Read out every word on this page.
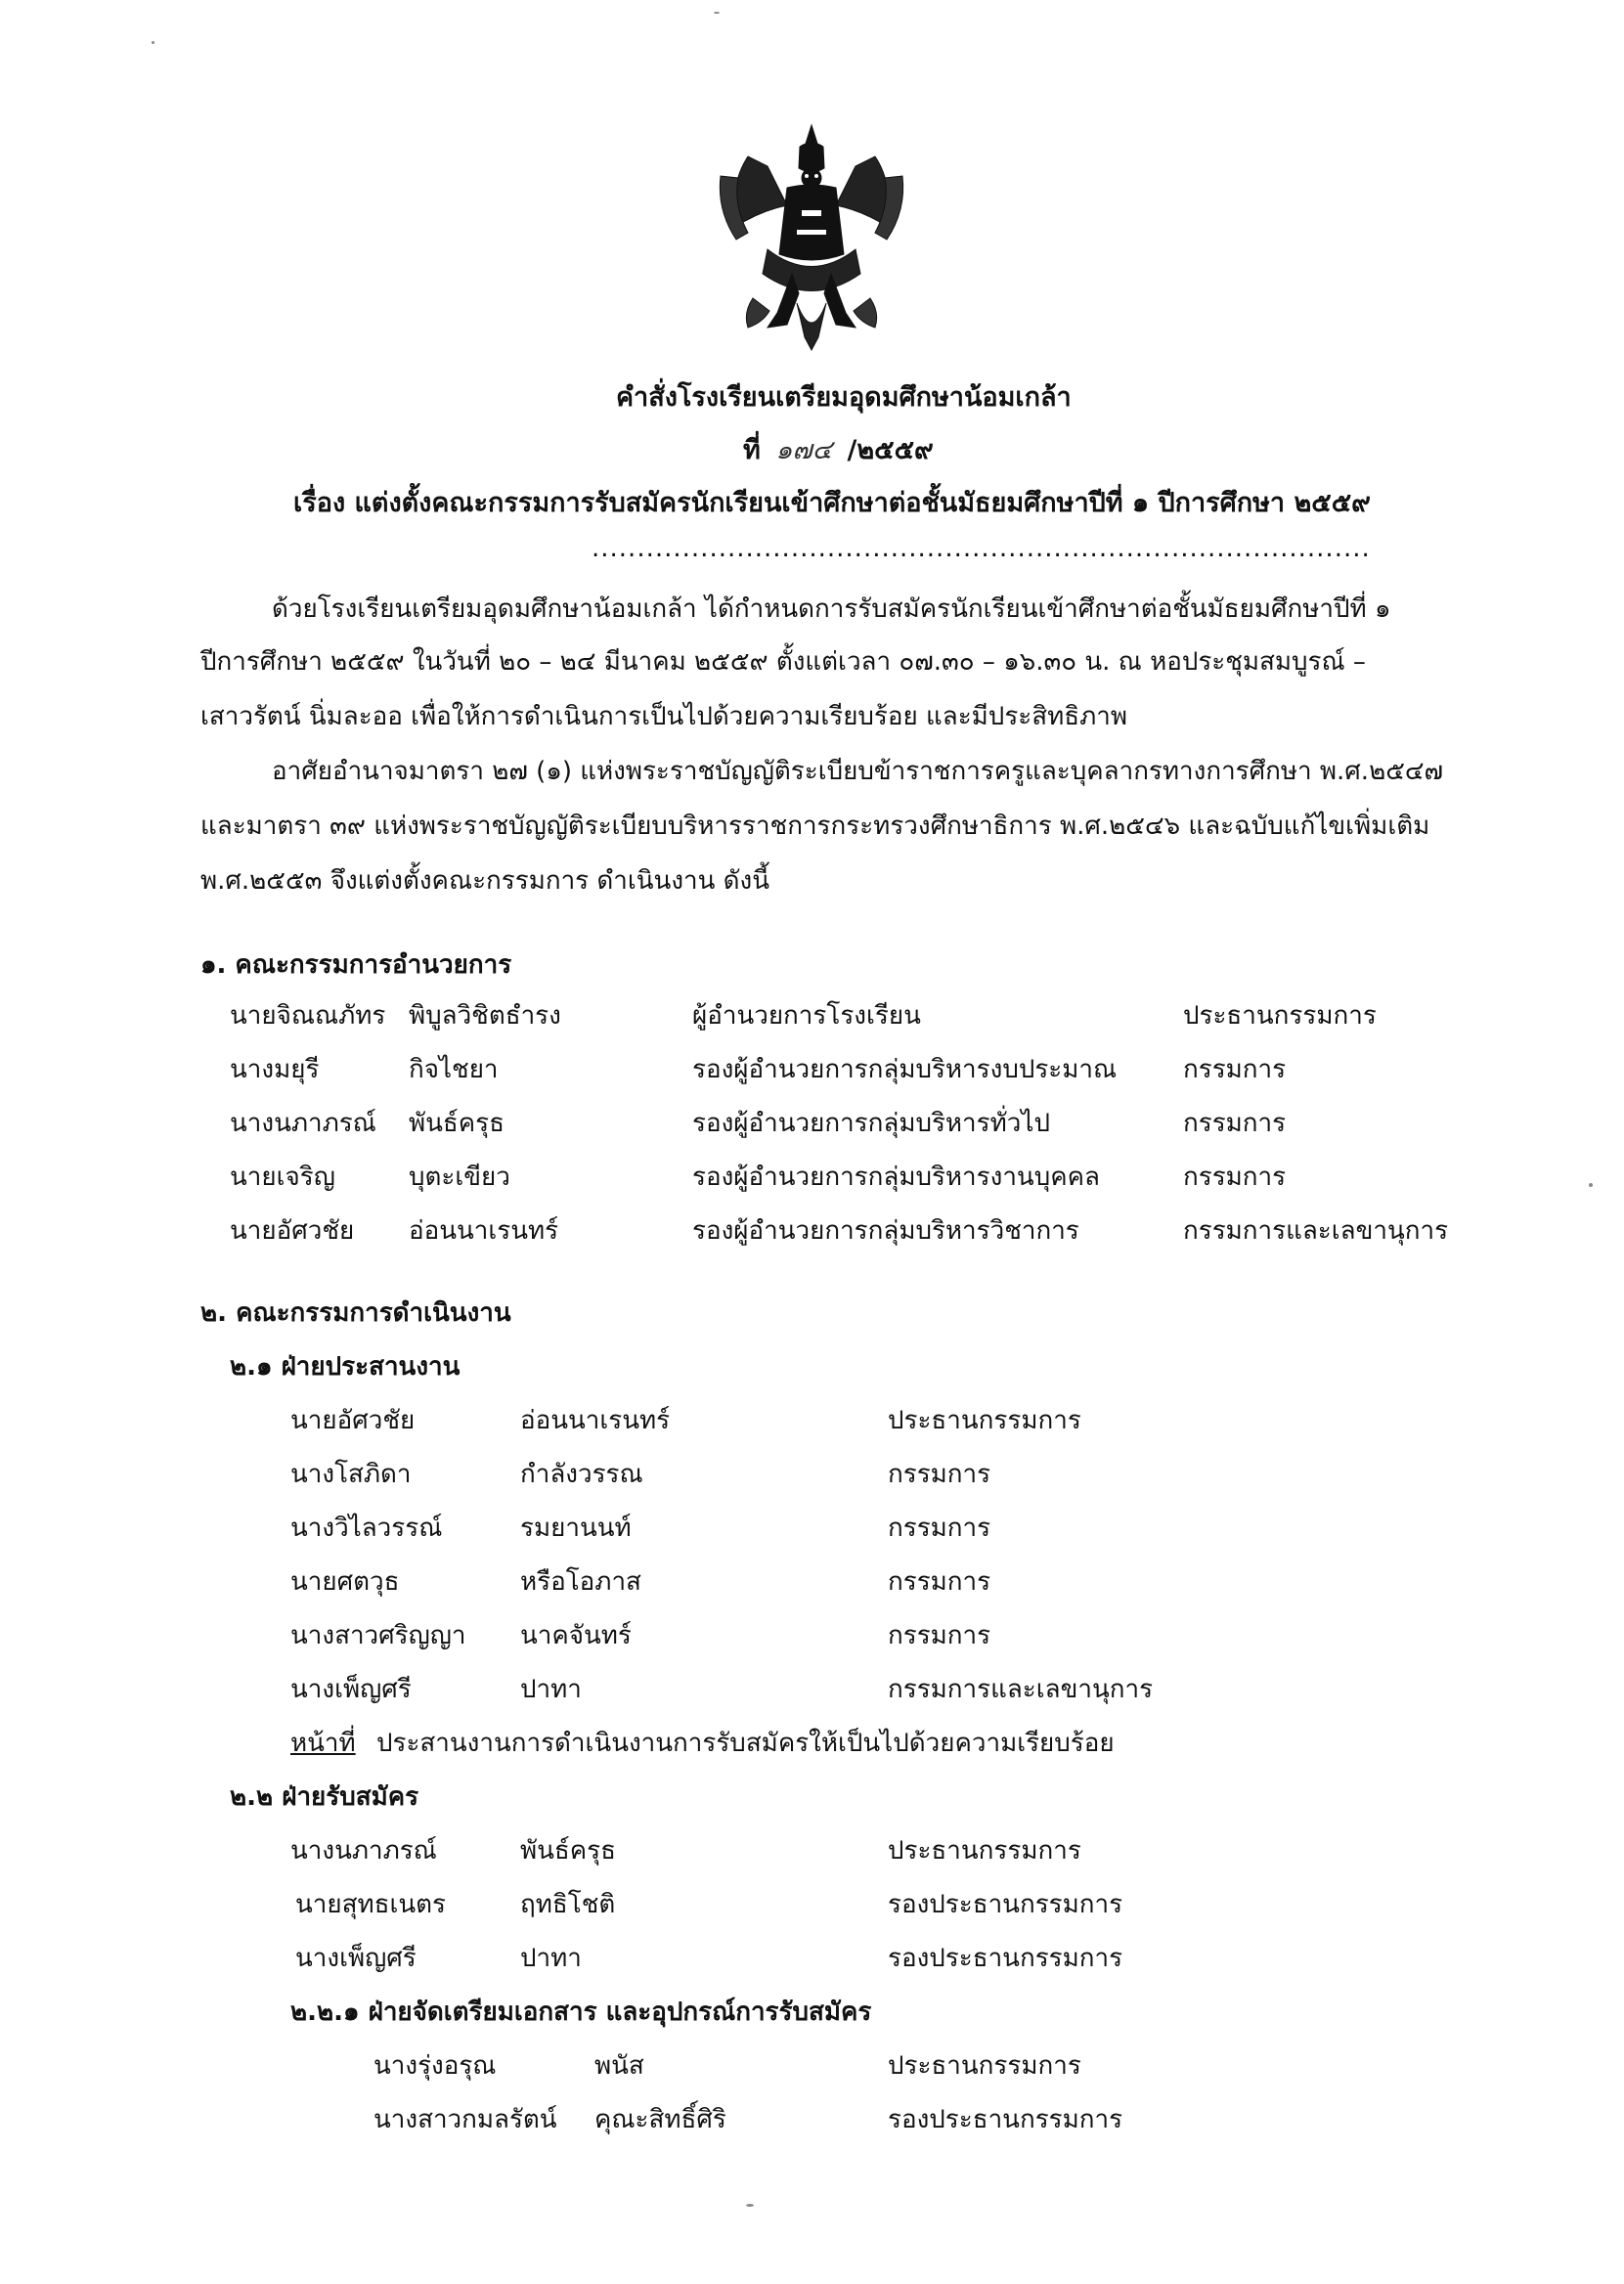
คำสั่งโรงเรียนเตรียมอุดมศึกษาน้อมเกล้า
ที่ ๑๗๔ /๒๕๕๙
เรื่อง แต่งตั้งคณะกรรมการรับสมัครนักเรียนเข้าศึกษาต่อชั้นมัธยมศึกษาปีที่ ๑ ปีการศึกษา ๒๕๕๙
......................................................................................
ด้วยโรงเรียนเตรียมอุดมศึกษาน้อมเกล้า ได้กำหนดการรับสมัครนักเรียนเข้าศึกษาต่อชั้นมัธยมศึกษาปีที่ ๑
ปีการศึกษา ๒๕๕๙ ในวันที่ ๒๐ – ๒๔ มีนาคม ๒๕๕๙ ตั้งแต่เวลา ๐๗.๓๐ – ๑๖.๓๐ น. ณ หอประชุมสมบูรณ์ –
เสาวรัตน์ นิ่มละออ เพื่อให้การดำเนินการเป็นไปด้วยความเรียบร้อย และมีประสิทธิภาพ
อาศัยอำนาจมาตรา ๒๗ (๑) แห่งพระราชบัญญัติระเบียบข้าราชการครูและบุคลากรทางการศึกษา พ.ศ.๒๕๔๗
และมาตรา ๓๙ แห่งพระราชบัญญัติระเบียบบริหารราชการกระทรวงศึกษาธิการ พ.ศ.๒๕๔๖ และฉบับแก้ไขเพิ่มเติม
พ.ศ.๒๕๕๓ จึงแต่งตั้งคณะกรรมการ ดำเนินงาน ดังนี้
๑. คณะกรรมการอำนวยการ
นายจิณณภัทร พิบูลวิชิตธำรง	ผู้อำนวยการโรงเรียน	ประธานกรรมการ
นางมยุรี	กิจไชยา	รองผู้อำนวยการกลุ่มบริหารงบประมาณ	กรรมการ
นางนภาภรณ์ พันธ์ครุธ	รองผู้อำนวยการกลุ่มบริหารทั่วไป	กรรมการ
นายเจริญ	บุตะเขียว	รองผู้อำนวยการกลุ่มบริหารงานบุคคล	กรรมการ
นายอัศวชัย อ่อนนาเรนทร์	รองผู้อำนวยการกลุ่มบริหารวิชาการ	กรรมการและเลขานุการ
๒. คณะกรรมการดำเนินงาน
๒.๑ ฝ่ายประสานงาน
นายอัศวชัย	อ่อนนาเรนทร์	ประธานกรรมการ
นางโสภิดา	กำลังวรรณ	กรรมการ
นางวิไลวรรณ์	รมยานนท์	กรรมการ
นายศตวุธ	หรือโอภาส	กรรมการ
นางสาวศริญญา นาคจันทร์	กรรมการ
นางเพ็ญศรี	ปาทา	กรรมการและเลขานุการ
หน้าที่ ประสานงานการดำเนินงานการรับสมัครให้เป็นไปด้วยความเรียบร้อย
๒.๒ ฝ่ายรับสมัคร
นางนภาภรณ์	พันธ์ครุธ	ประธานกรรมการ
นายสุทธเนตร	ฤทธิโชติ	รองประธานกรรมการ
นางเพ็ญศรี	ปาทา	รองประธานกรรมการ
๒.๒.๑ ฝ่ายจัดเตรียมเอกสาร และอุปกรณ์การรับสมัคร
นางรุ่งอรุณ	พนัส	ประธานกรรมการ
นางสาวกมลรัตน์ คุณะสิทธิ์ศิริ	รองประธานกรรมการ
